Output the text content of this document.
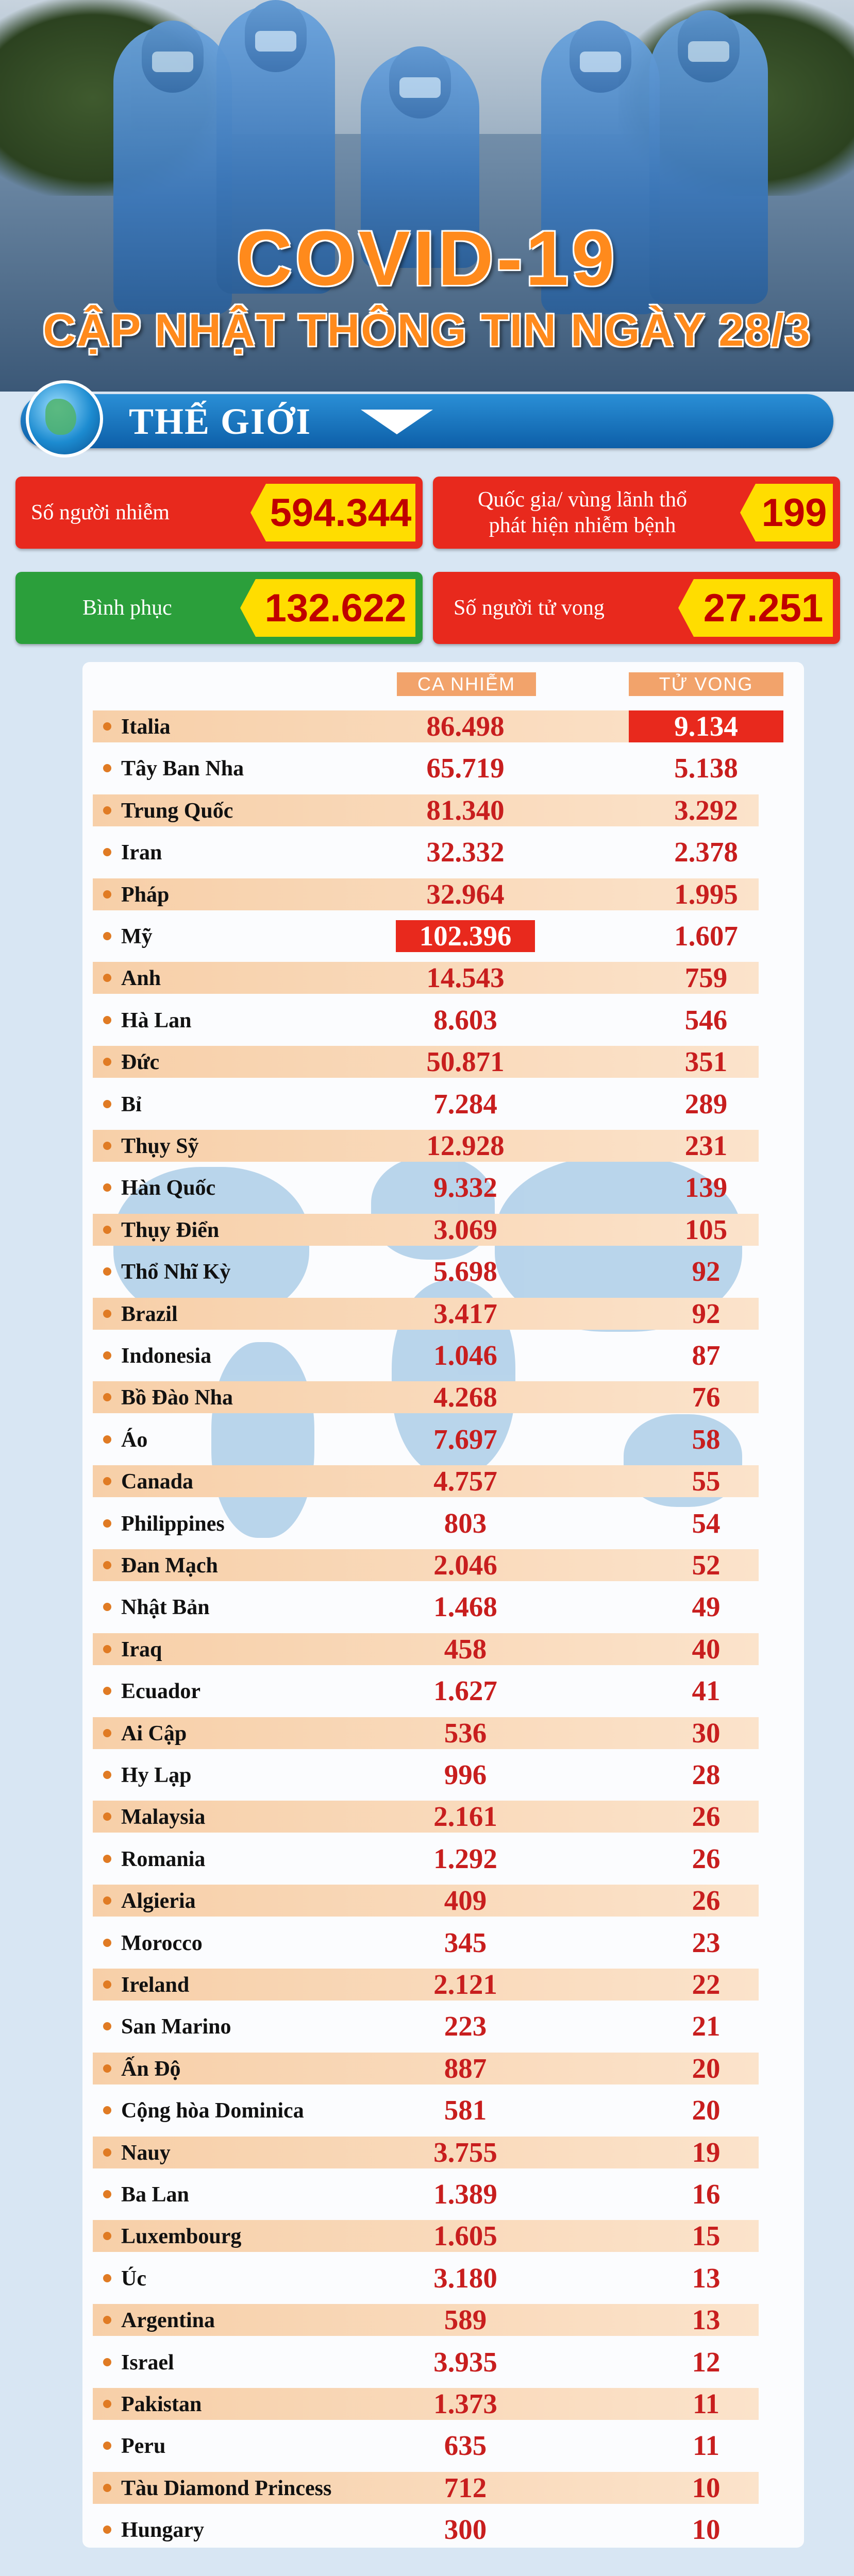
COVID-19
CẬP NHẬT THÔNG TIN NGÀY 28/3
THẾ GIỚI
Số người nhiễm	594.344	Quốc gia/ vùng lãnh thổ
phát hiện nhiễm bệnh 199
Bình phục 132.622	Số người tử vong	27.251
CA NHIỄM	TỬ VONG
Italia	86.498	9.134
Tây Ban Nha	65.719	5.138
Trung Quốc	81.340	3.292
Iran	32.332	2.378
Pháp	32.964	1.995
Mỹ	102.396	1.607
Anh	14.543	759
Hà Lan	8.603	546
Đức	50.871	351
Bỉ	7.284	289
Thụy Sỹ	12.928	231
Hàn Quốc	9.332	139
Thụy Điển	3.069	105
Thổ Nhĩ Kỳ	5.698	92
Brazil	3.417	92
Indonesia	1.046	87
Bồ Đào Nha	4.268	76
Áo	7.697	58
Canada	4.757	55
Philippines	803	54
Đan Mạch	2.046	52
Nhật Bản	1.468	49
Iraq	458	40
Ecuador	1.627	41
Ai Cập	536	30
Hy Lạp	996	28
Malaysia	2.161	26
Romania	1.292	26
Algieria	409	26
Morocco	345	23
Ireland	2.121	22
San Marino	223	21
Ấn Độ	887	20
Cộng hòa Dominica	581	20
Nauy	3.755	19
Ba Lan	1.389	16
Luxembourg	1.605	15
Úc	3.180	13
Argentina	589	13
Israel	3.935	12
Pakistan	1.373	11
Peru	635	11
Tàu Diamond Princess	712	10
Hungary	300	10
